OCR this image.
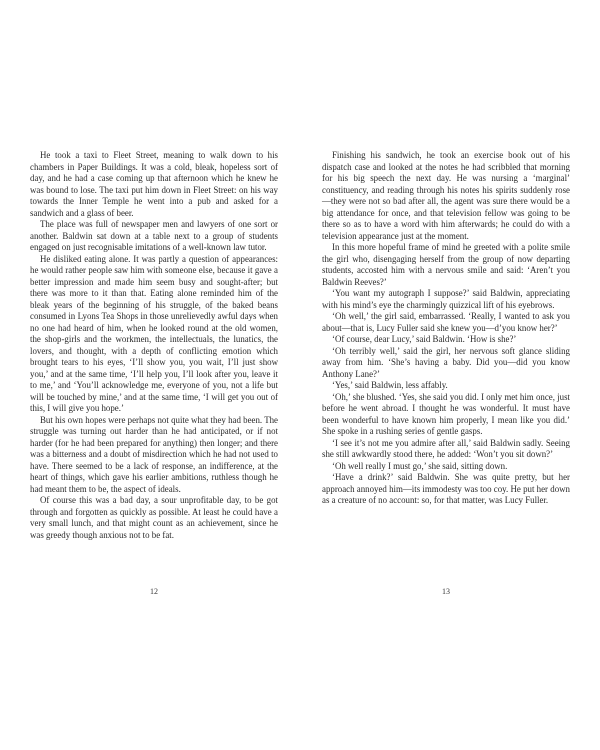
He took a taxi to Fleet Street, meaning to walk down to his chambers in Paper Buildings. It was a cold, bleak, hopeless sort of day, and he had a case coming up that afternoon which he knew he was bound to lose. The taxi put him down in Fleet Street: on his way towards the Inner Temple he went into a pub and asked for a sandwich and a glass of beer.

The place was full of newspaper men and lawyers of one sort or another. Baldwin sat down at a table next to a group of students engaged on just recognisable imitations of a well-known law tutor.

He disliked eating alone. It was partly a question of appearances: he would rather people saw him with someone else, because it gave a better impression and made him seem busy and sought-after; but there was more to it than that. Eating alone reminded him of the bleak years of the beginning of his struggle, of the baked beans consumed in Lyons Tea Shops in those unrelievedly awful days when no one had heard of him, when he looked round at the old women, the shop-girls and the workmen, the intellectuals, the lunatics, the lovers, and thought, with a depth of conflicting emotion which brought tears to his eyes, ‘I’ll show you, you wait, I’ll just show you,’ and at the same time, ‘I’ll help you, I’ll look after you, leave it to me,’ and ‘You’ll acknowledge me, everyone of you, not a life but will be touched by mine,’ and at the same time, ‘I will get you out of this, I will give you hope.’

But his own hopes were perhaps not quite what they had been. The struggle was turning out harder than he had anticipated, or if not harder (for he had been prepared for anything) then longer; and there was a bitterness and a doubt of misdirection which he had not used to have. There seemed to be a lack of response, an indifference, at the heart of things, which gave his earlier ambitions, ruthless though he had meant them to be, the aspect of ideals.

Of course this was a bad day, a sour unprofitable day, to be got through and forgotten as quickly as possible. At least he could have a very small lunch, and that might count as an achievement, since he was greedy though anxious not to be fat.

12

Finishing his sandwich, he took an exercise book out of his dispatch case and looked at the notes he had scribbled that morning for his big speech the next day. He was nursing a ‘marginal’ constituency, and reading through his notes his spirits suddenly rose—they were not so bad after all, the agent was sure there would be a big attendance for once, and that television fellow was going to be there so as to have a word with him afterwards; he could do with a television appearance just at the moment.

In this more hopeful frame of mind he greeted with a polite smile the girl who, disengaging herself from the group of now departing students, accosted him with a nervous smile and said: ‘Aren’t you Baldwin Reeves?’

‘You want my autograph I suppose?’ said Baldwin, appreciating with his mind’s eye the charmingly quizzical lift of his eyebrows.

‘Oh well,’ the girl said, embarrassed. ‘Really, I wanted to ask you about—that is, Lucy Fuller said she knew you—d’you know her?’

‘Of course, dear Lucy,’ said Baldwin. ‘How is she?’

‘Oh terribly well,’ said the girl, her nervous soft glance sliding away from him. ‘She’s having a baby. Did you—did you know Anthony Lane?’

‘Yes,’ said Baldwin, less affably.

‘Oh,’ she blushed. ‘Yes, she said you did. I only met him once, just before he went abroad. I thought he was wonderful. It must have been wonderful to have known him properly, I mean like you did.’ She spoke in a rushing series of gentle gasps.

‘I see it’s not me you admire after all,’ said Baldwin sadly. Seeing she still awkwardly stood there, he added: ‘Won’t you sit down?’

‘Oh well really I must go,’ she said, sitting down.

‘Have a drink?’ said Baldwin. She was quite pretty, but her approach annoyed him—its immodesty was too coy. He put her down as a creature of no account: so, for that matter, was Lucy Fuller.

13
